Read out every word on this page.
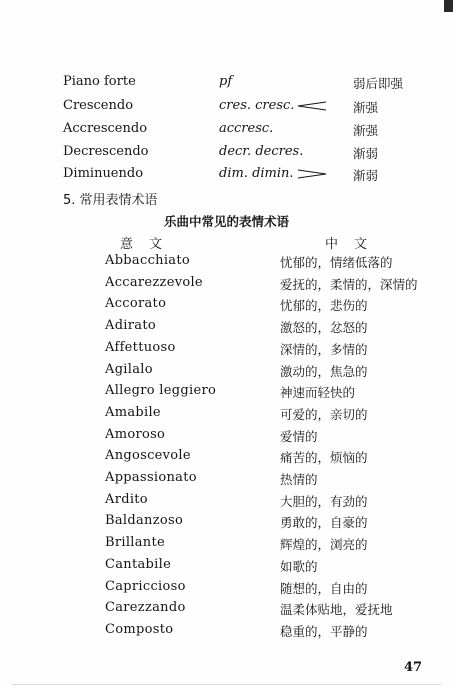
Piano forte	pf	弱后即强
Crescendo	cres. cresc.	渐强
Accrescendo	accresc.	渐强
Decrescendo	decr. decres.	渐弱
Diminuendo	dim. dimin.	渐弱
5. 常用表情术语
乐曲中常见的表情术语
意文	中文
Abbacchiato	忧郁的，情绪低落的
Accarezzevole	爱抚的，柔情的，深情的
Accorato	忧郁的，悲伤的
Adirato	激怒的，忿怒的
Affettuoso	深情的，多情的
Agilalo	激动的，焦急的
Allegro leggiero	神速而轻快的
Amabile	可爱的，亲切的
Amoroso	爱情的
Angoscevole	痛苦的，烦恼的
Appassionato	热情的
Ardito	大胆的，有劲的
Baldanzoso	勇敢的，自豪的
Brillante	辉煌的，浏亮的
Cantabile	如歌的
Capriccioso	随想的，自由的
Carezzando	温柔体贴地，爱抚地
Composto	稳重的，平静的
47
